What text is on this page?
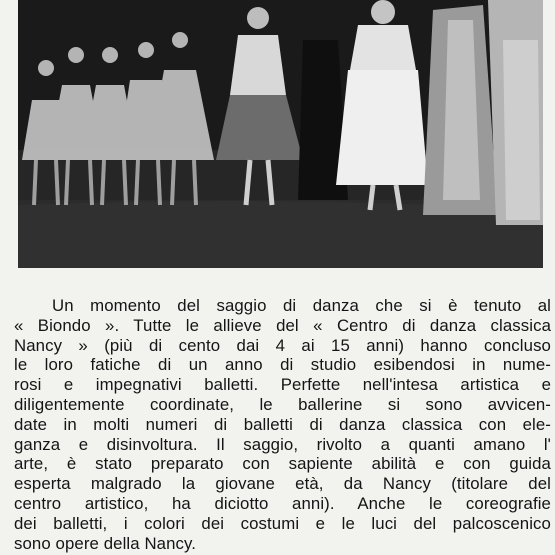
Un momento del saggio di danza che si è tenuto al
« Biondo ». Tutte le allieve del « Centro di danza classica
Nancy » (più di cento dai 4 ai 15 anni) hanno concluso
le loro fatiche di un anno di studio esibendosi in nume-
rosi e impegnativi balletti. Perfette nell'intesa artistica e
diligentemente coordinate, le ballerine si sono avvicen-
date in molti numeri di balletti di danza classica con ele-
ganza e disinvoltura. Il saggio, rivolto a quanti amano l'
arte, è stato preparato con sapiente abilità e con guida
esperta malgrado la giovane età, da Nancy (titolare del
centro artistico, ha diciotto anni). Anche le coreografie
dei balletti, i colori dei costumi e le luci del palcoscenico
sono opere della Nancy.
